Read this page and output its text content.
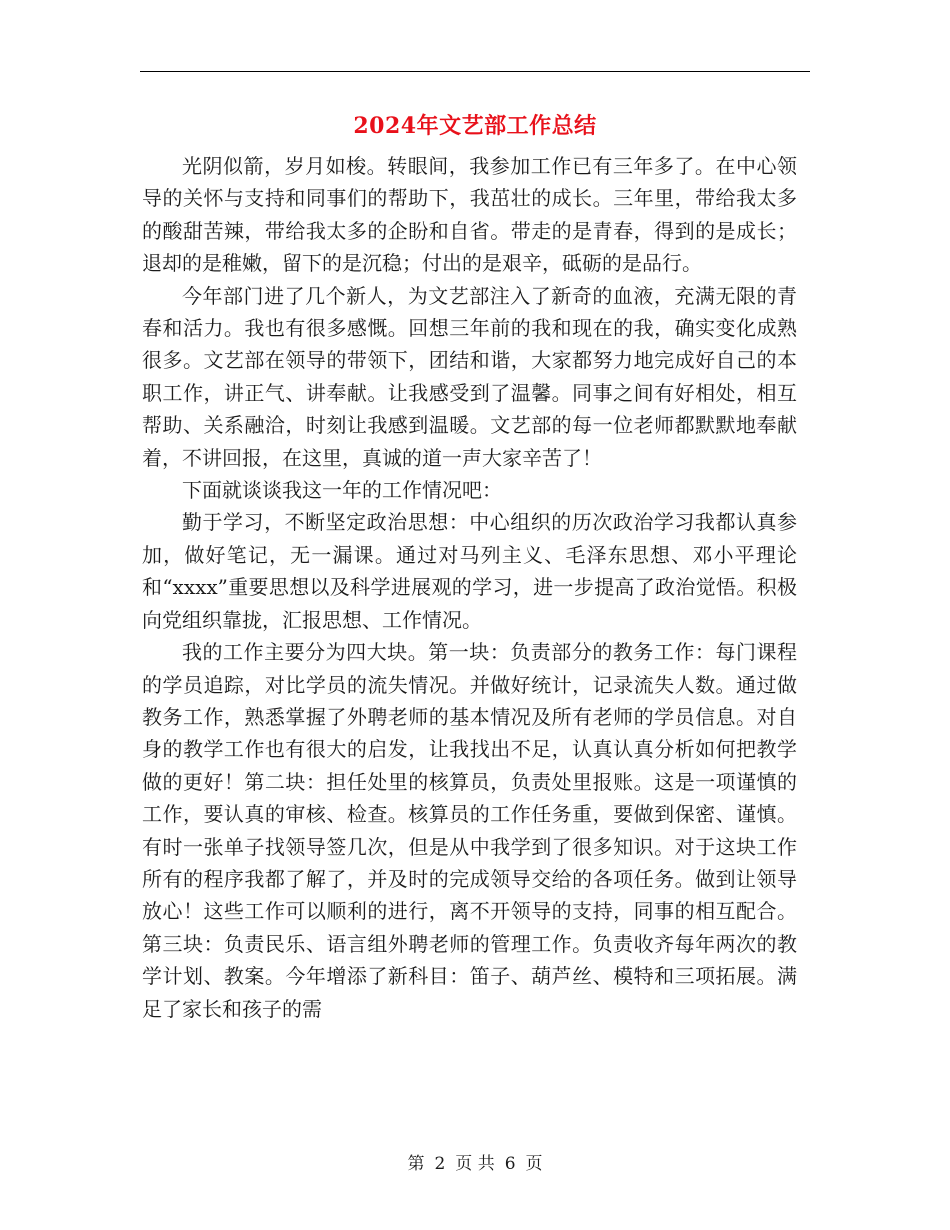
2024年文艺部工作总结

光阴似箭，岁月如梭。转眼间，我参加工作已有三年多了。在中心领导的关怀与支持和同事们的帮助下，我茁壮的成长。三年里，带给我太多的酸甜苦辣，带给我太多的企盼和自省。带走的是青春，得到的是成长；退却的是稚嫩，留下的是沉稳；付出的是艰辛，砥砺的是品行。

今年部门进了几个新人，为文艺部注入了新奇的血液，充满无限的青春和活力。我也有很多感慨。回想三年前的我和现在的我，确实变化成熟很多。文艺部在领导的带领下，团结和谐，大家都努力地完成好自己的本职工作，讲正气、讲奉献。让我感受到了温馨。同事之间有好相处，相互帮助、关系融洽，时刻让我感到温暖。文艺部的每一位老师都默默地奉献着，不讲回报，在这里，真诚的道一声大家辛苦了！

下面就谈谈我这一年的工作情况吧：

勤于学习，不断坚定政治思想：中心组织的历次政治学习我都认真参加，做好笔记，无一漏课。通过对马列主义、毛泽东思想、邓小平理论和“xxxx”重要思想以及科学进展观的学习，进一步提高了政治觉悟。积极向党组织靠拢，汇报思想、工作情况。

我的工作主要分为四大块。第一块：负责部分的教务工作：每门课程的学员追踪，对比学员的流失情况。并做好统计，记录流失人数。通过做教务工作，熟悉掌握了外聘老师的基本情况及所有老师的学员信息。对自身的教学工作也有很大的启发，让我找出不足，认真认真分析如何把教学做的更好！第二块：担任处里的核算员，负责处里报账。这是一项谨慎的工作，要认真的审核、检查。核算员的工作任务重，要做到保密、谨慎。有时一张单子找领导签几次，但是从中我学到了很多知识。对于这块工作所有的程序我都了解了，并及时的完成领导交给的各项任务。做到让领导放心！这些工作可以顺利的进行，离不开领导的支持，同事的相互配合。第三块：负责民乐、语言组外聘老师的管理工作。负责收齐每年两次的教学计划、教案。今年增添了新科目：笛子、葫芦丝、模特和三项拓展。满足了家长和孩子的需

第 2 页 共 6 页
